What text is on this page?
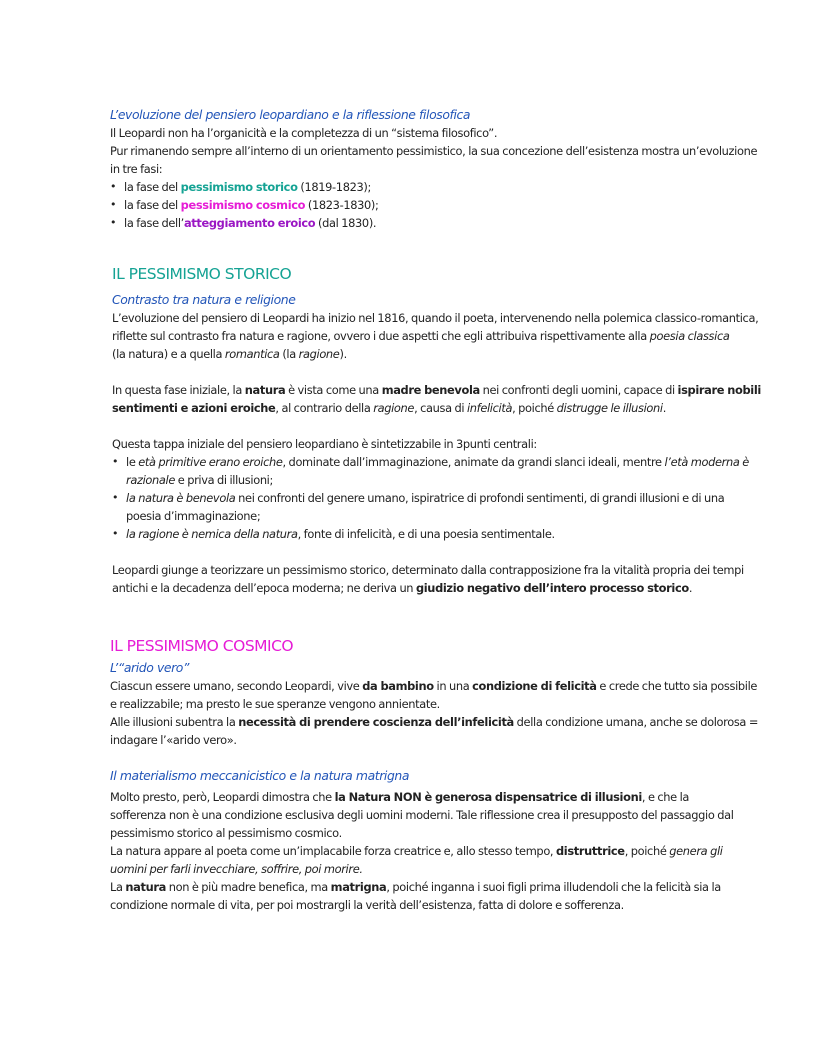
L’evoluzione del pensiero leopardiano e la riflessione filosofica

Il Leopardi non ha l’organicità e la completezza di un “sistema filosofico”.

Pur rimanendo sempre all’interno di un orientamento pessimistico, la sua concezione dell’esistenza mostra un’evoluzione

in tre fasi:

• la fase del pessimismo storico (1819-1823);
• la fase del pessimismo cosmico (1823-1830);
• la fase dell’atteggiamento eroico (dal 1830).

IL PESSIMISMO STORICO

Contrasto tra natura e religione

L’evoluzione del pensiero di Leopardi ha inizio nel 1816, quando il poeta, intervenendo nella polemica classico-romantica,

riflette sul contrasto fra natura e ragione, ovvero i due aspetti che egli attribuiva rispettivamente alla poesia classica

(la natura) e a quella romantica (la ragione).

In questa fase iniziale, la natura è vista come una madre benevola nei confronti degli uomini, capace di ispirare nobili

sentimenti e azioni eroiche, al contrario della ragione, causa di infelicità, poiché distrugge le illusioni.

Questa tappa iniziale del pensiero leopardiano è sintetizzabile in 3punti centrali:

• le età primitive erano eroiche, dominate dall’immaginazione, animate da grandi slanci ideali, mentre l’età moderna è

razionale e priva di illusioni;

• la natura è benevola nei confronti del genere umano, ispiratrice di profondi sentimenti, di grandi illusioni e di una

poesia d’immaginazione;

• la ragione è nemica della natura, fonte di infelicità, e di una poesia sentimentale.

Leopardi giunge a teorizzare un pessimismo storico, determinato dalla contrapposizione fra la vitalità propria dei tempi

antichi e la decadenza dell’epoca moderna; ne deriva un giudizio negativo dell’intero processo storico.

IL PESSIMISMO COSMICO

L’“arido vero”

Ciascun essere umano, secondo Leopardi, vive da bambino in una condizione di felicità e crede che tutto sia possibile

e realizzabile; ma presto le sue speranze vengono annientate.

Alle illusioni subentra la necessità di prendere coscienza dell’infelicità della condizione umana, anche se dolorosa =

indagare l’«arido vero».

Il materialismo meccanicistico e la natura matrigna

Molto presto, però, Leopardi dimostra che la Natura NON è generosa dispensatrice di illusioni, e che la

sofferenza non è una condizione esclusiva degli uomini moderni. Tale riflessione crea il presupposto del passaggio dal

pessimismo storico al pessimismo cosmico.

La natura appare al poeta come un’implacabile forza creatrice e, allo stesso tempo, distruttrice, poiché genera gli

uomini per farli invecchiare, soffrire, poi morire.

La natura non è più madre benefica, ma matrigna, poiché inganna i suoi figli prima illudendoli che la felicità sia la

condizione normale di vita, per poi mostrargli la verità dell’esistenza, fatta di dolore e sofferenza.
